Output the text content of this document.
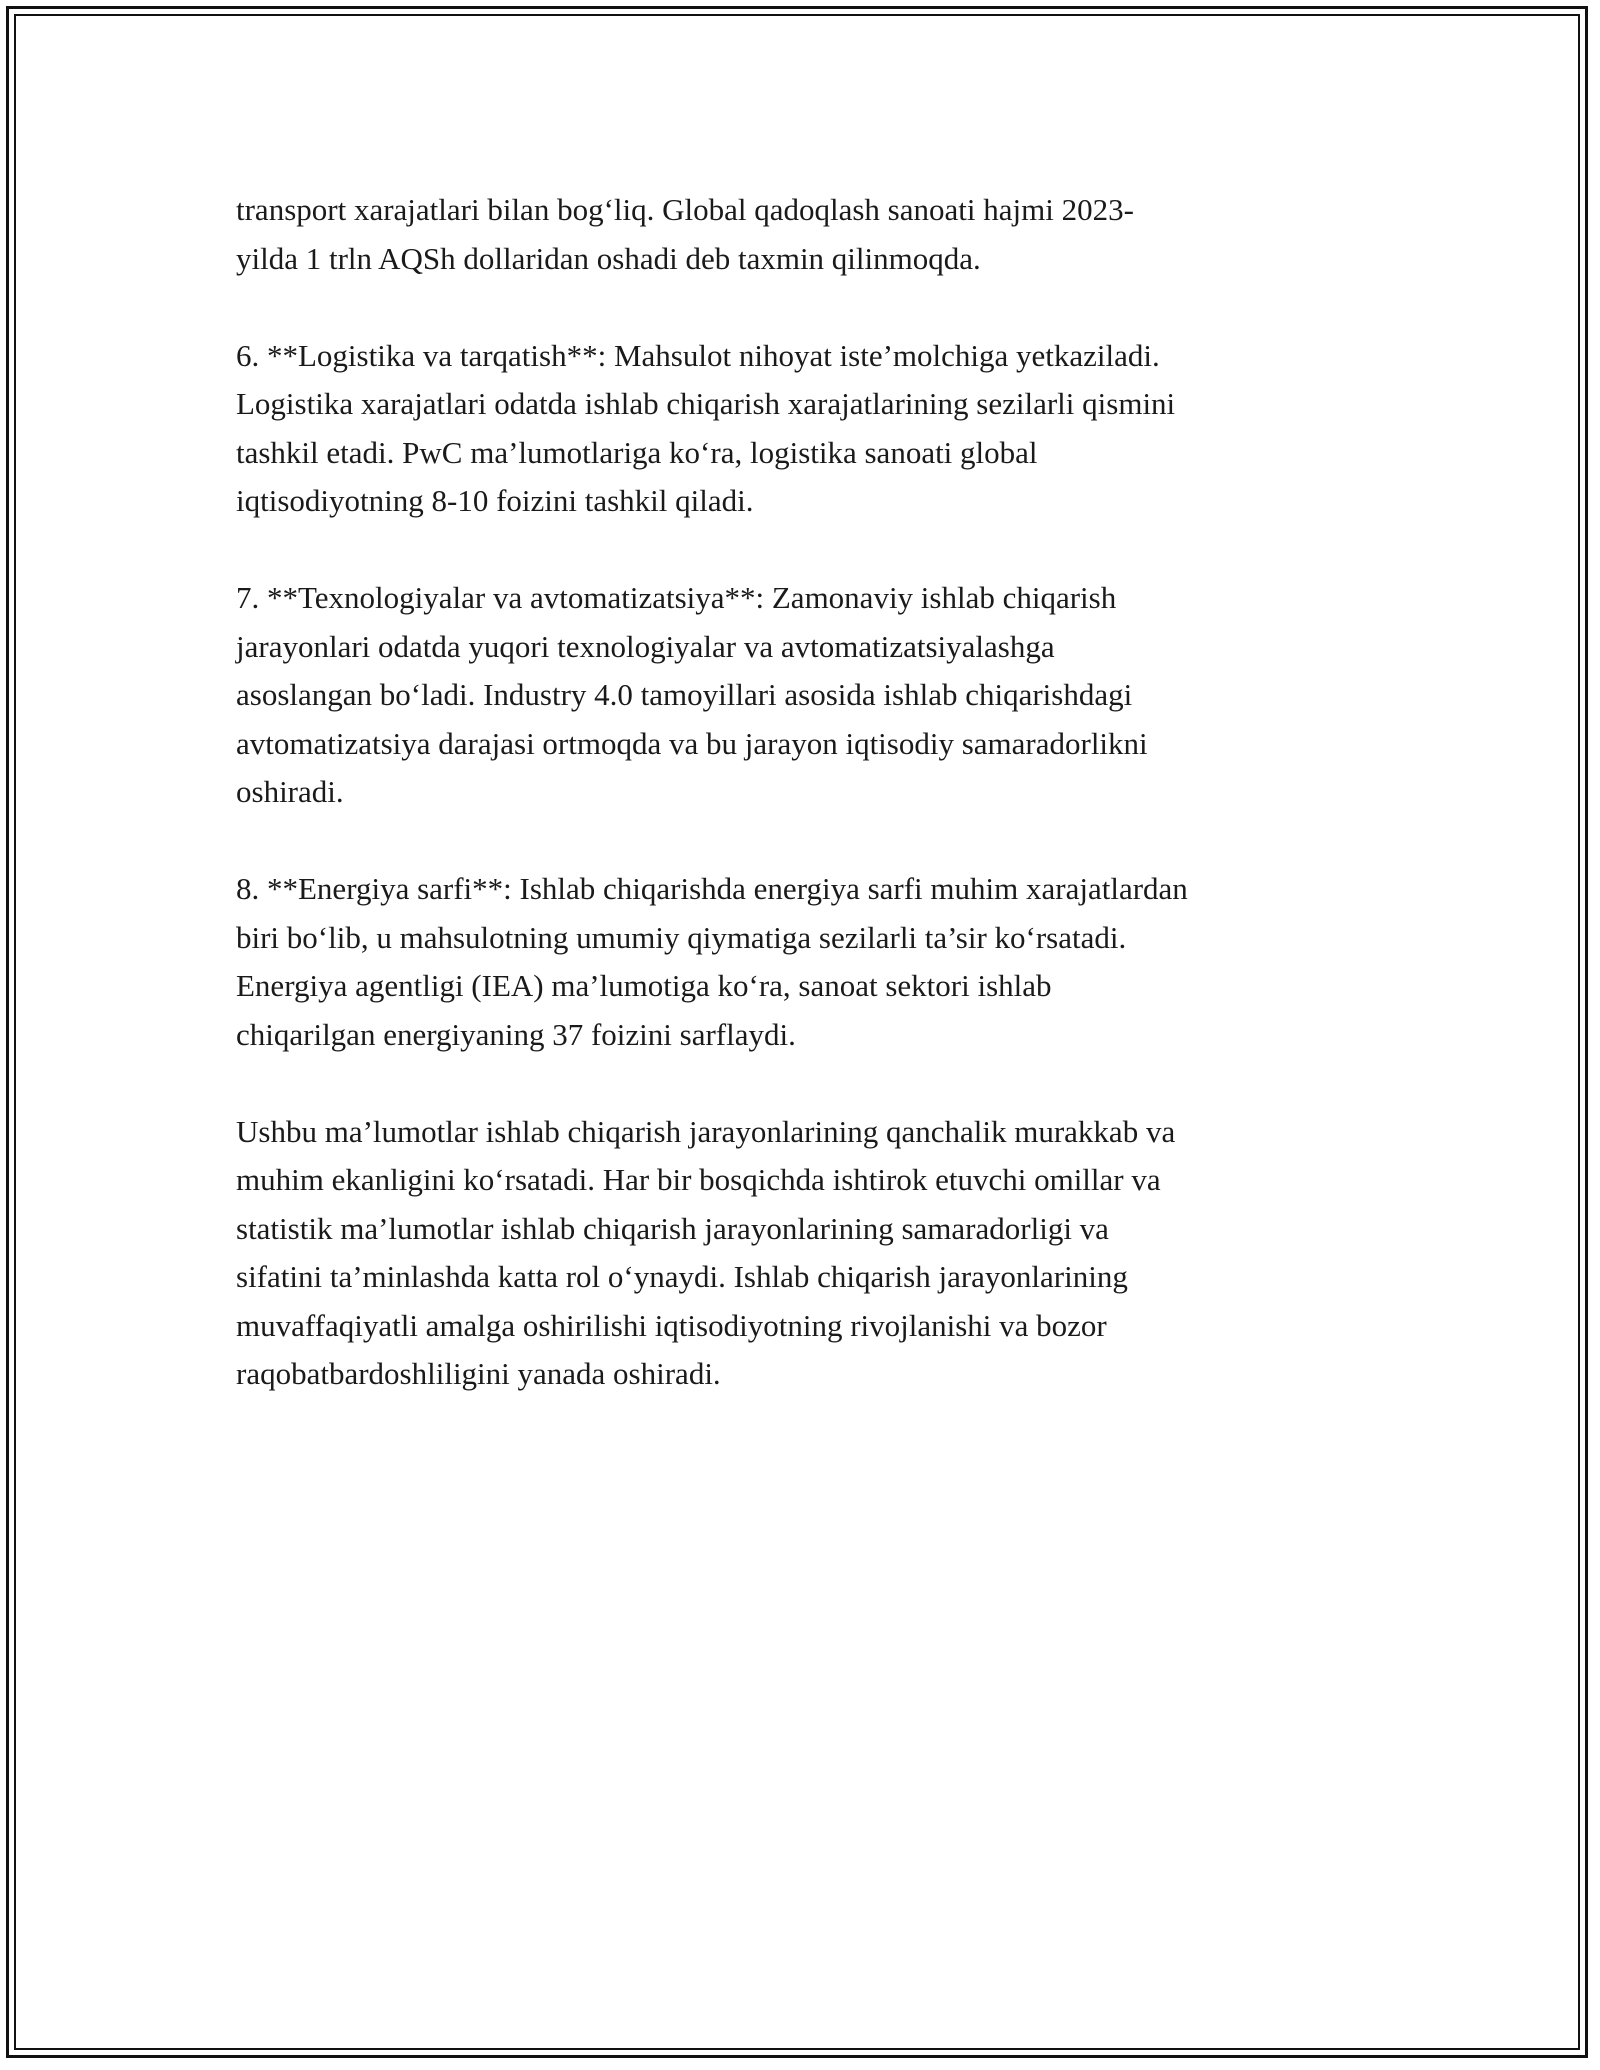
transport xarajatlari bilan bog‘liq. Global qadoqlash sanoati hajmi 2023-
yilda 1 trln AQSh dollaridan oshadi deb taxmin qilinmoqda.

6. **Logistika va tarqatish**: Mahsulot nihoyat iste’molchiga yetkaziladi.
Logistika xarajatlari odatda ishlab chiqarish xarajatlarining sezilarli qismini
tashkil etadi. PwC ma’lumotlariga ko‘ra, logistika sanoati global
iqtisodiyotning 8-10 foizini tashkil qiladi.

7. **Texnologiyalar va avtomatizatsiya**: Zamonaviy ishlab chiqarish
jarayonlari odatda yuqori texnologiyalar va avtomatizatsiyalashga
asoslangan bo‘ladi. Industry 4.0 tamoyillari asosida ishlab chiqarishdagi
avtomatizatsiya darajasi ortmoqda va bu jarayon iqtisodiy samaradorlikni
oshiradi.

8. **Energiya sarfi**: Ishlab chiqarishda energiya sarfi muhim xarajatlardan
biri bo‘lib, u mahsulotning umumiy qiymatiga sezilarli ta’sir ko‘rsatadi.
Energiya agentligi (IEA) ma’lumotiga ko‘ra, sanoat sektori ishlab
chiqarilgan energiyaning 37 foizini sarflaydi.

Ushbu ma’lumotlar ishlab chiqarish jarayonlarining qanchalik murakkab va
muhim ekanligini ko‘rsatadi. Har bir bosqichda ishtirok etuvchi omillar va
statistik ma’lumotlar ishlab chiqarish jarayonlarining samaradorligi va
sifatini ta’minlashda katta rol o‘ynaydi. Ishlab chiqarish jarayonlarining
muvaffaqiyatli amalga oshirilishi iqtisodiyotning rivojlanishi va bozor
raqobatbardoshliligini yanada oshiradi.
